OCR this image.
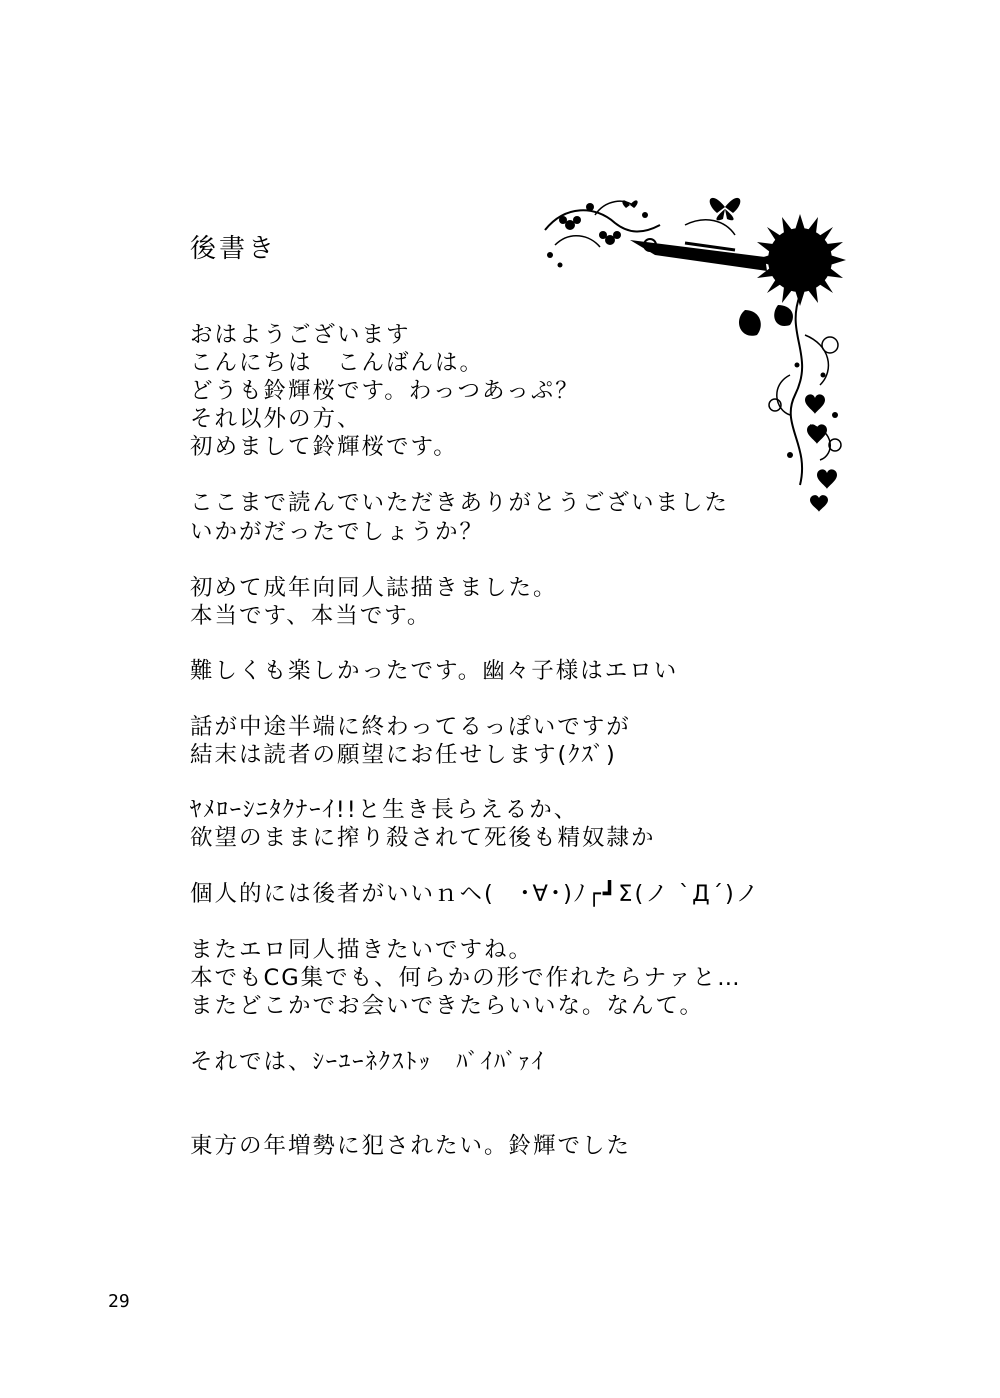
後書き
おはようございます
こんにちは　こんばんは。
どうも鈴輝桜です。わっつあっぷ？
それ以外の方、
初めまして鈴輝桜です。
ここまで読んでいただきありがとうございました
いかがだったでしょうか？
初めて成年向同人誌描きました。
本当です、本当です。
難しくも楽しかったです。幽々子様はエロい
話が中途半端に終わってるっぽいですが
結末は読者の願望にお任せします(ｸｽﾞ)
ﾔﾒﾛｰｼﾆﾀｸﾅｰｲ!!と生き長らえるか、
欲望のままに搾り殺されて死後も精奴隷か
個人的には後者がいいｎヘ(　･∀･)ﾉ┌┛Σ(ノ `Д´)ノ
またエロ同人描きたいですね。
本でもCG集でも、何らかの形で作れたらナァと…
またどこかでお会いできたらいいな。なんて。
それでは、ｼｰﾕｰﾈｸｽﾄｯ　ﾊﾞｲﾊﾞｧｲ
東方の年増勢に犯されたい。鈴輝でした
29
